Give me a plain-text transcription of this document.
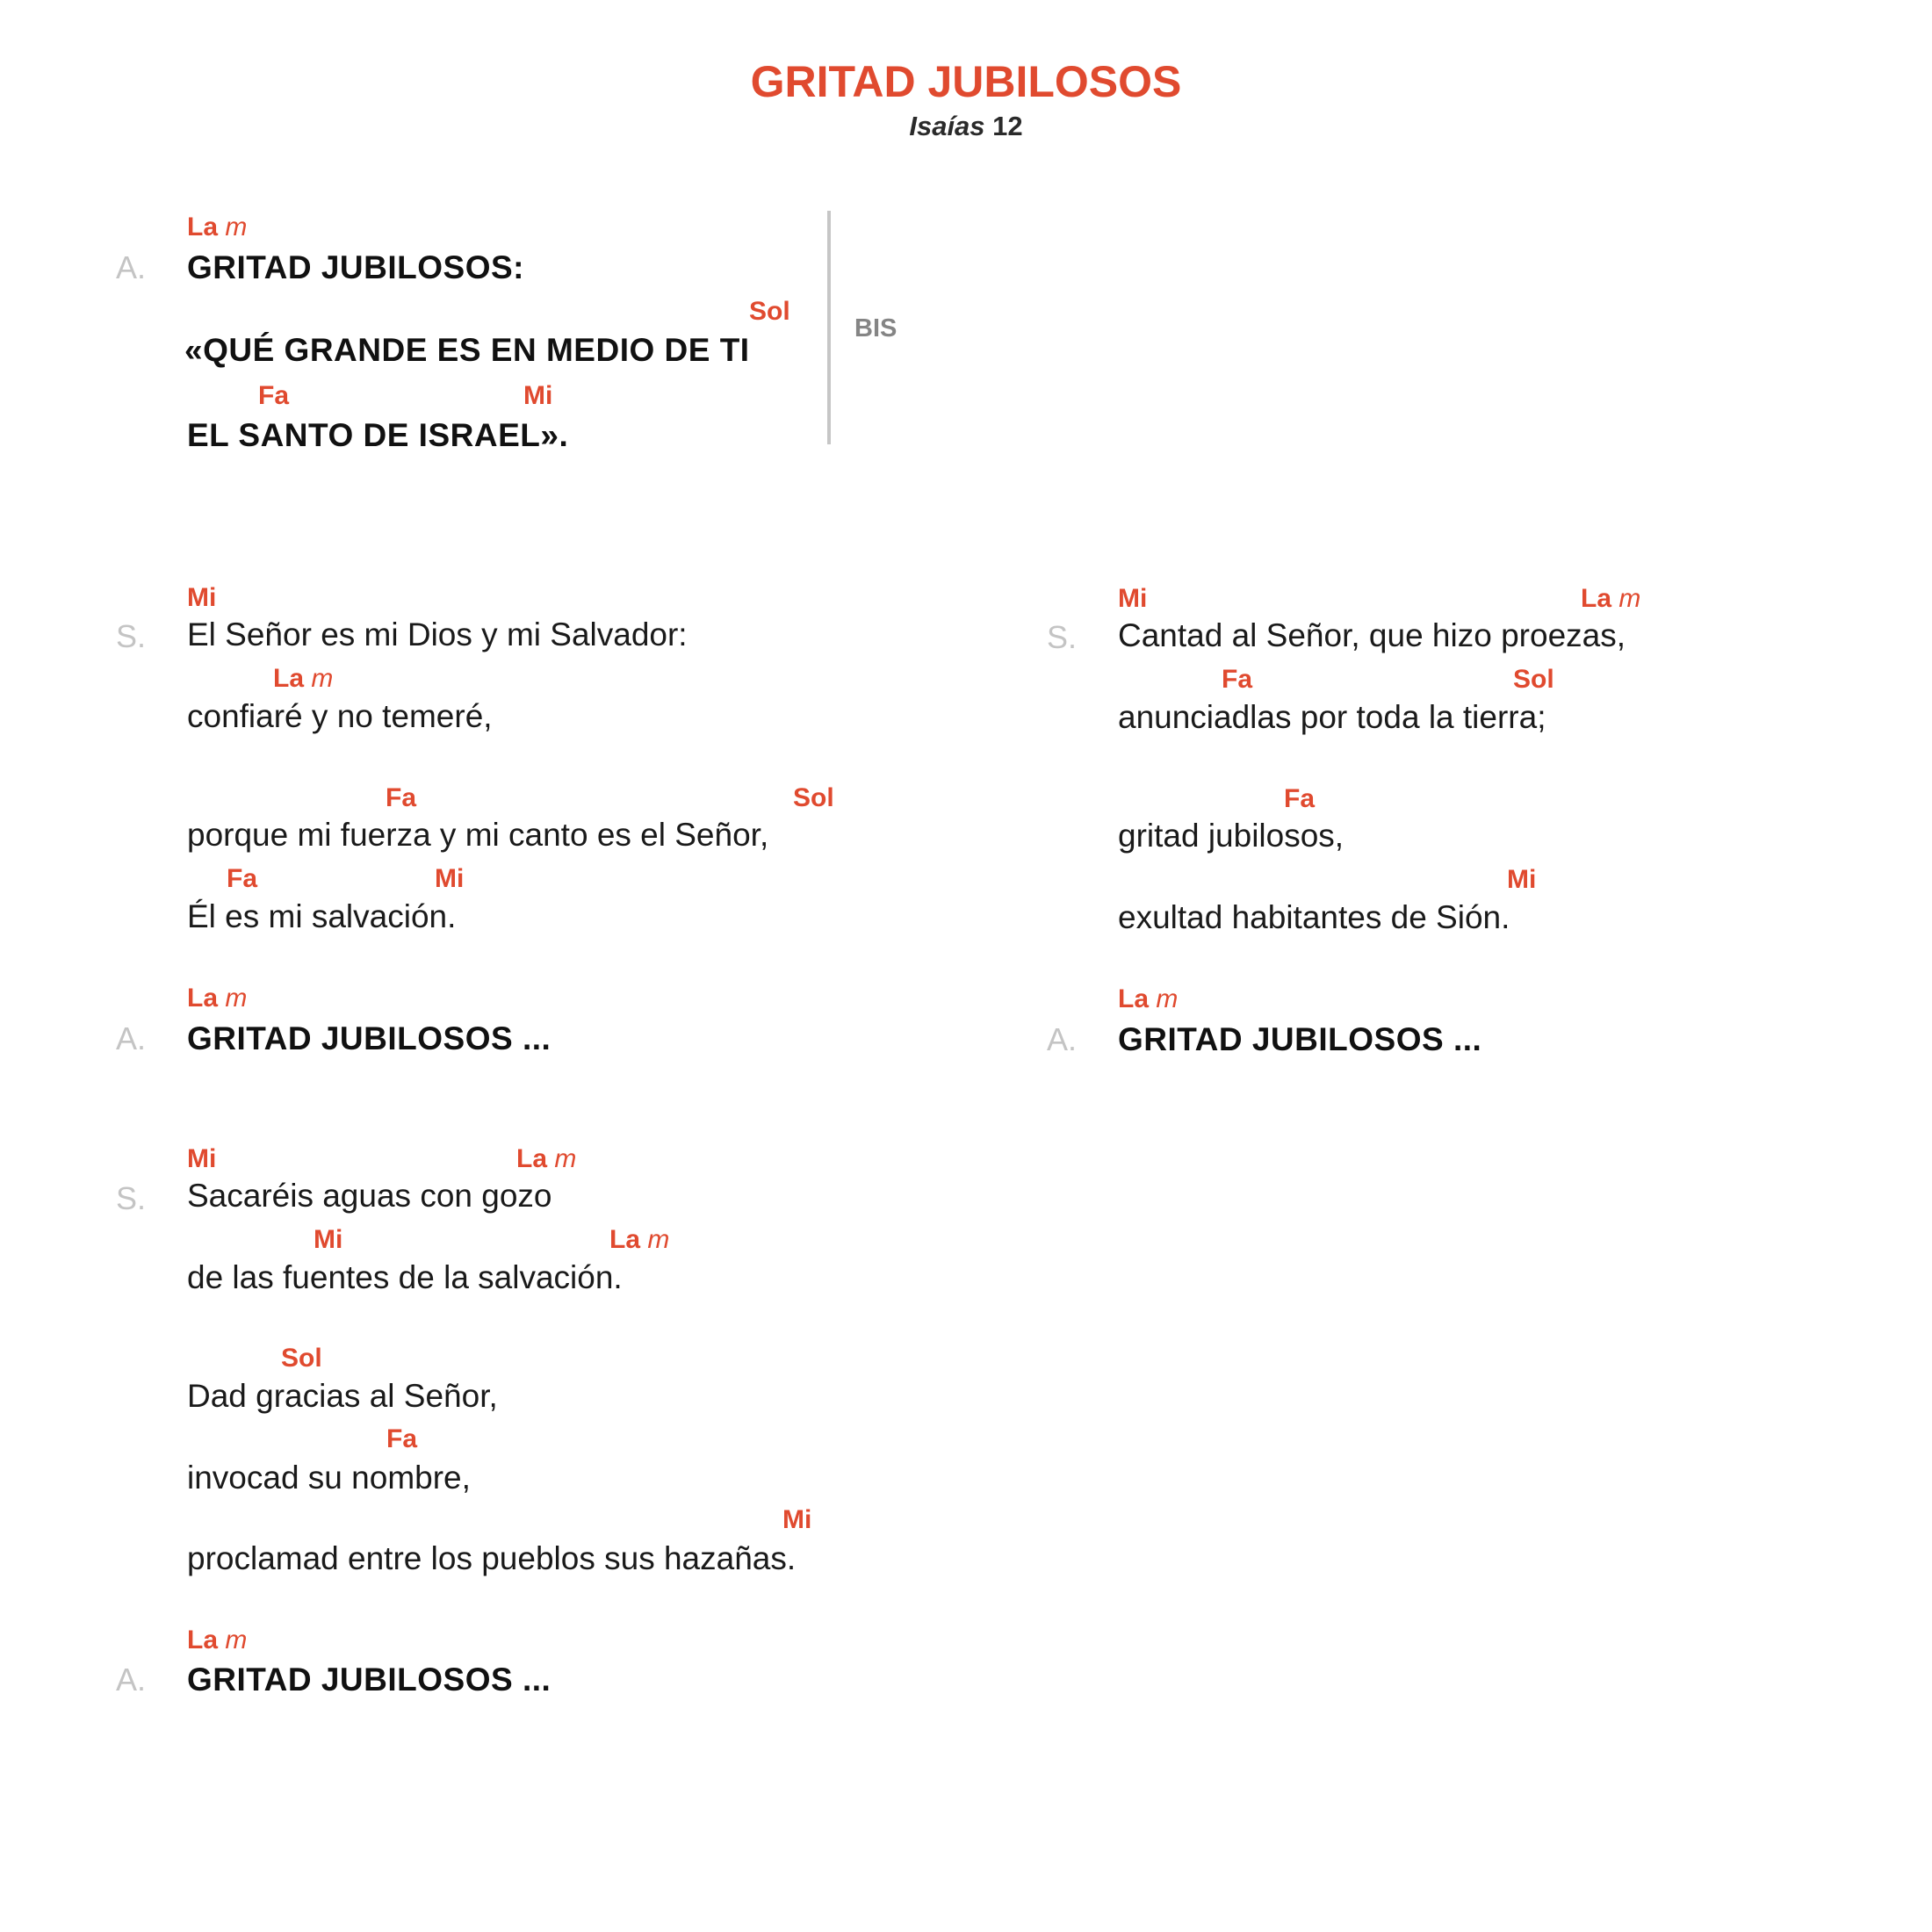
GRITAD JUBILOSOS
Isaías 12
La m
A. GRITAD JUBILOSOS:
Sol
«QUÉ GRANDE ES EN MEDIO DE TI
Fa	Mi
EL SANTO DE ISRAEL».
BIS
Mi
S. El Señor es mi Dios y mi Salvador:
La m
confiaré y no temeré,
Fa	Sol
porque mi fuerza y mi canto es el Señor,
Fa	Mi
Él es mi salvación.
La m
A. GRITAD JUBILOSOS ...
Mi	La m
S. Sacaréis aguas con gozo
Mi	La m
de las fuentes de la salvación.
Sol
Dad gracias al Señor,
Fa
invocad su nombre,
Mi
proclamad entre los pueblos sus hazañas.
La m
A. GRITAD JUBILOSOS ...
Mi	La m
S. Cantad al Señor, que hizo proezas,
Fa	Sol
anunciadlas por toda la tierra;
Fa
gritad jubilosos,
Mi
exultad habitantes de Sión.
La m
A. GRITAD JUBILOSOS ...
